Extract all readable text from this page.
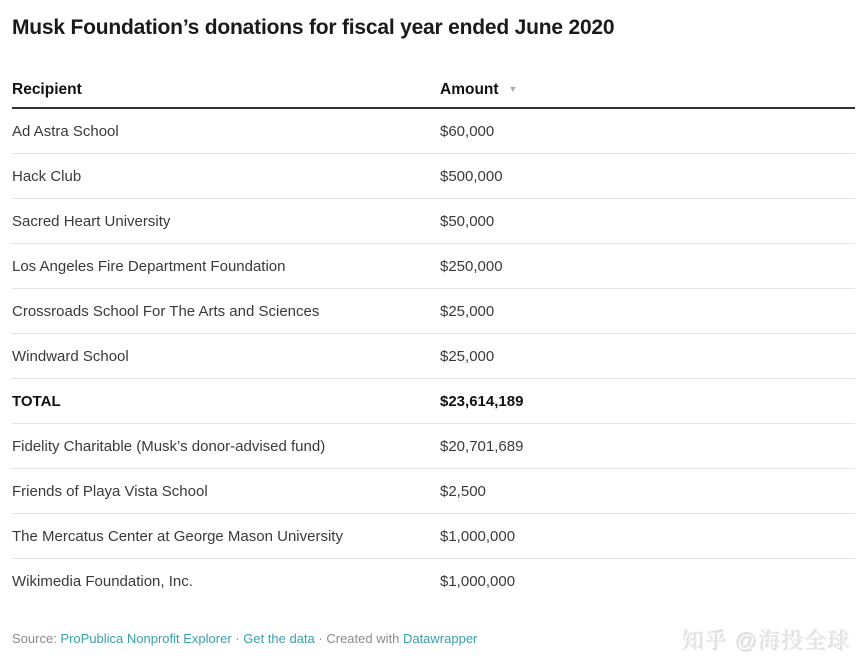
Musk Foundation’s donations for fiscal year ended June 2020
Recipient	Amount ▼
Ad Astra School	$60,000
Hack Club	$500,000
Sacred Heart University	$50,000
Los Angeles Fire Department Foundation	$250,000
Crossroads School For The Arts and Sciences	$25,000
Windward School	$25,000
TOTAL	$23,614,189
Fidelity Charitable (Musk’s donor-advised fund)	$20,701,689
Friends of Playa Vista School	$2,500
The Mercatus Center at George Mason University	$1,000,000
Wikimedia Foundation, Inc.	$1,000,000
Source: ProPublica Nonprofit Explorer · Get the data · Created with Datawrapper	知乎 @海投全球
